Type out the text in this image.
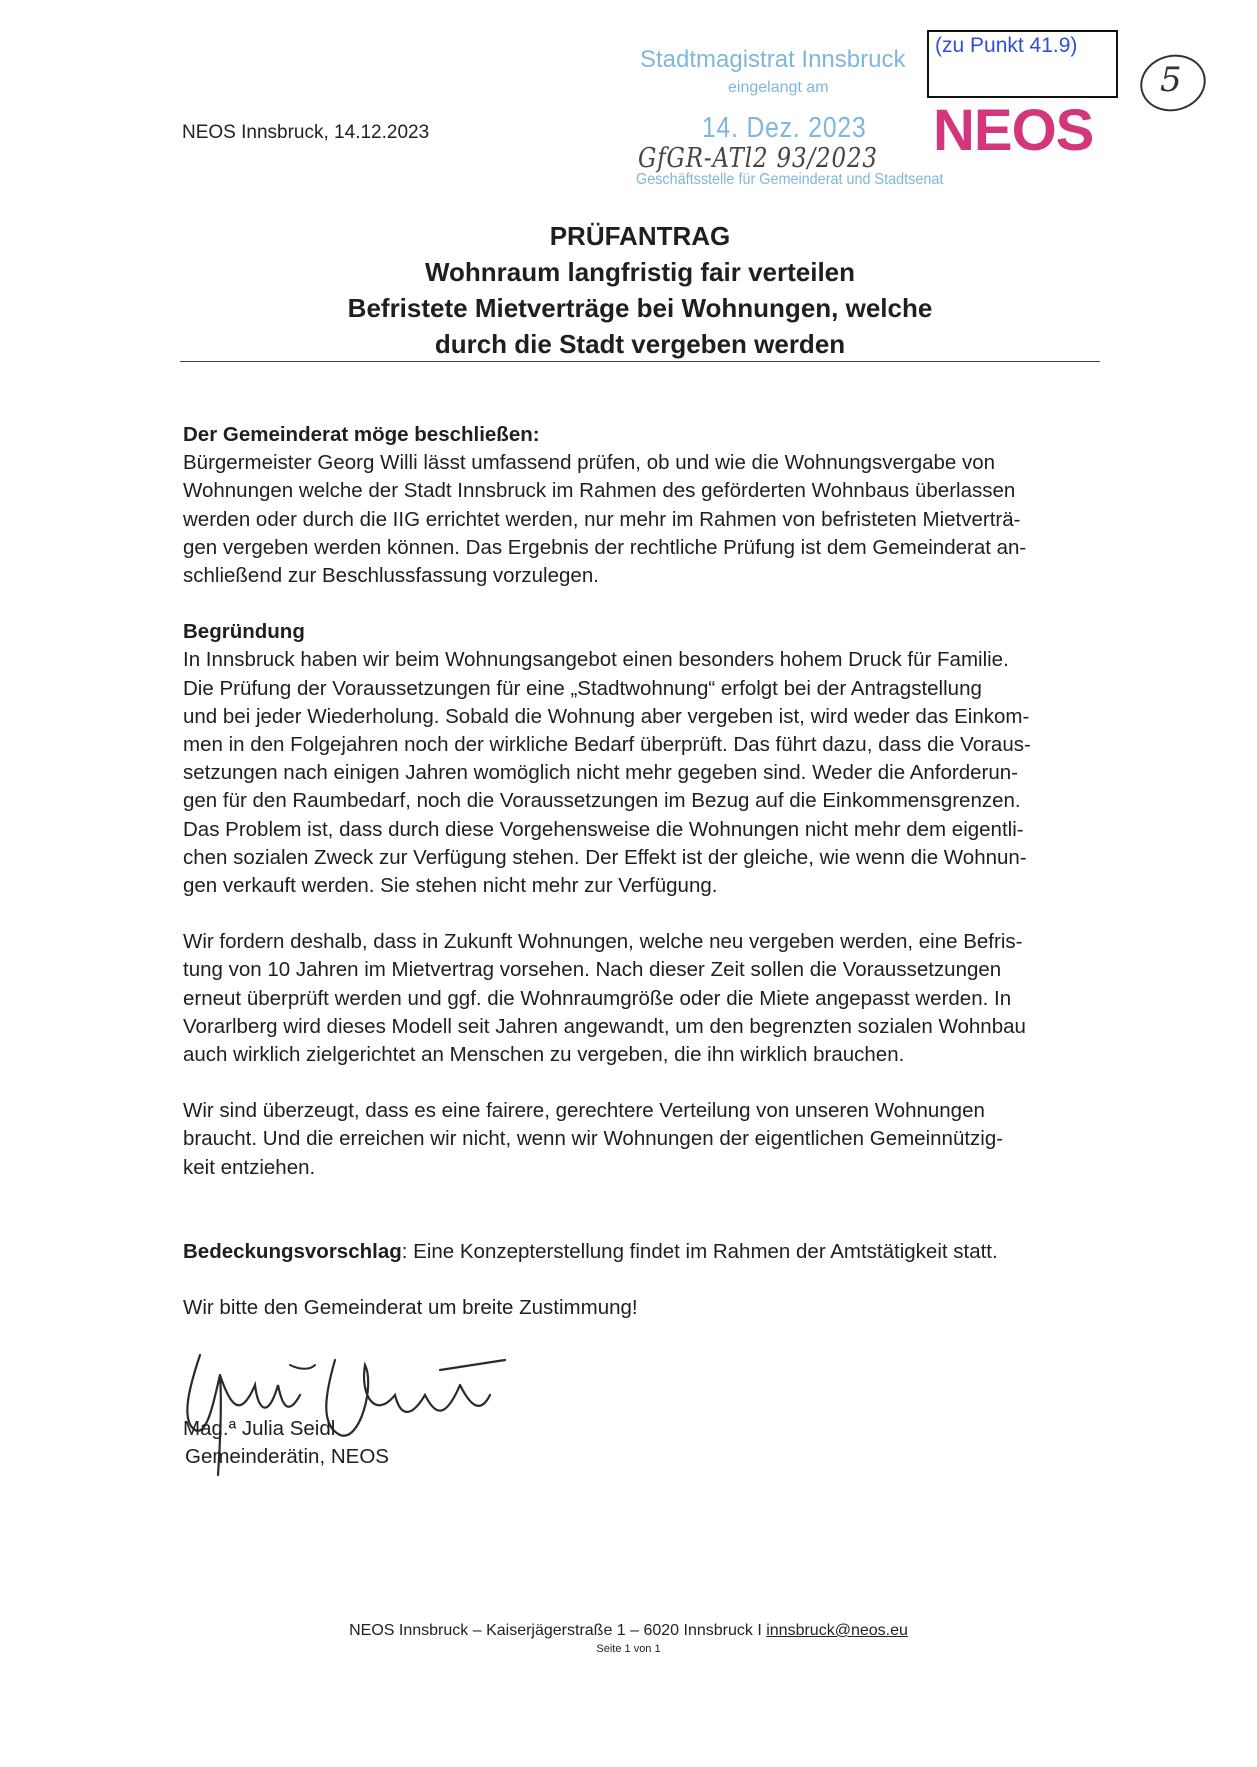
NEOS Innsbruck, 14.12.2023
Stadtmagistrat Innsbruck
eingelangt am
14. Dez. 2023
GfGR-ATl2 93/2023
Geschäftsstelle für Gemeinderat und Stadtsenat
(zu Punkt 41.9)
NEOS
5
PRÜFANTRAG
Wohnraum langfristig fair verteilen
Befristete Mietverträge bei Wohnungen, welche
durch die Stadt vergeben werden

Der Gemeinderat möge beschließen:

Bürgermeister Georg Willi lässt umfassend prüfen, ob und wie die Wohnungsvergabe von

Wohnungen welche der Stadt Innsbruck im Rahmen des geförderten Wohnbaus überlassen

werden oder durch die IIG errichtet werden, nur mehr im Rahmen von befristeten Mietverträ-

gen vergeben werden können. Das Ergebnis der rechtliche Prüfung ist dem Gemeinderat an-

schließend zur Beschlussfassung vorzulegen.

Begründung

In Innsbruck haben wir beim Wohnungsangebot einen besonders hohem Druck für Familie.

Die Prüfung der Voraussetzungen für eine „Stadtwohnung“ erfolgt bei der Antragstellung

und bei jeder Wiederholung. Sobald die Wohnung aber vergeben ist, wird weder das Einkom-

men in den Folgejahren noch der wirkliche Bedarf überprüft. Das führt dazu, dass die Voraus-

setzungen nach einigen Jahren womöglich nicht mehr gegeben sind. Weder die Anforderun-

gen für den Raumbedarf, noch die Voraussetzungen im Bezug auf die Einkommensgrenzen.

Das Problem ist, dass durch diese Vorgehensweise die Wohnungen nicht mehr dem eigentli-

chen sozialen Zweck zur Verfügung stehen. Der Effekt ist der gleiche, wie wenn die Wohnun-

gen verkauft werden. Sie stehen nicht mehr zur Verfügung.

Wir fordern deshalb, dass in Zukunft Wohnungen, welche neu vergeben werden, eine Befris-

tung von 10 Jahren im Mietvertrag vorsehen. Nach dieser Zeit sollen die Voraussetzungen

erneut überprüft werden und ggf. die Wohnraumgröße oder die Miete angepasst werden. In

Vorarlberg wird dieses Modell seit Jahren angewandt, um den begrenzten sozialen Wohnbau

auch wirklich zielgerichtet an Menschen zu vergeben, die ihn wirklich brauchen.

Wir sind überzeugt, dass es eine fairere, gerechtere Verteilung von unseren Wohnungen

braucht. Und die erreichen wir nicht, wenn wir Wohnungen der eigentlichen Gemeinnützig-

keit entziehen.

Bedeckungsvorschlag: Eine Konzepterstellung findet im Rahmen der Amtstätigkeit statt.

Wir bitte den Gemeinderat um breite Zustimmung!

Mag.ª Julia Seidl
Gemeinderätin, NEOS
NEOS Innsbruck – Kaiserjägerstraße 1 – 6020 Innsbruck I innsbruck@neos.eu
Seite 1 von 1
